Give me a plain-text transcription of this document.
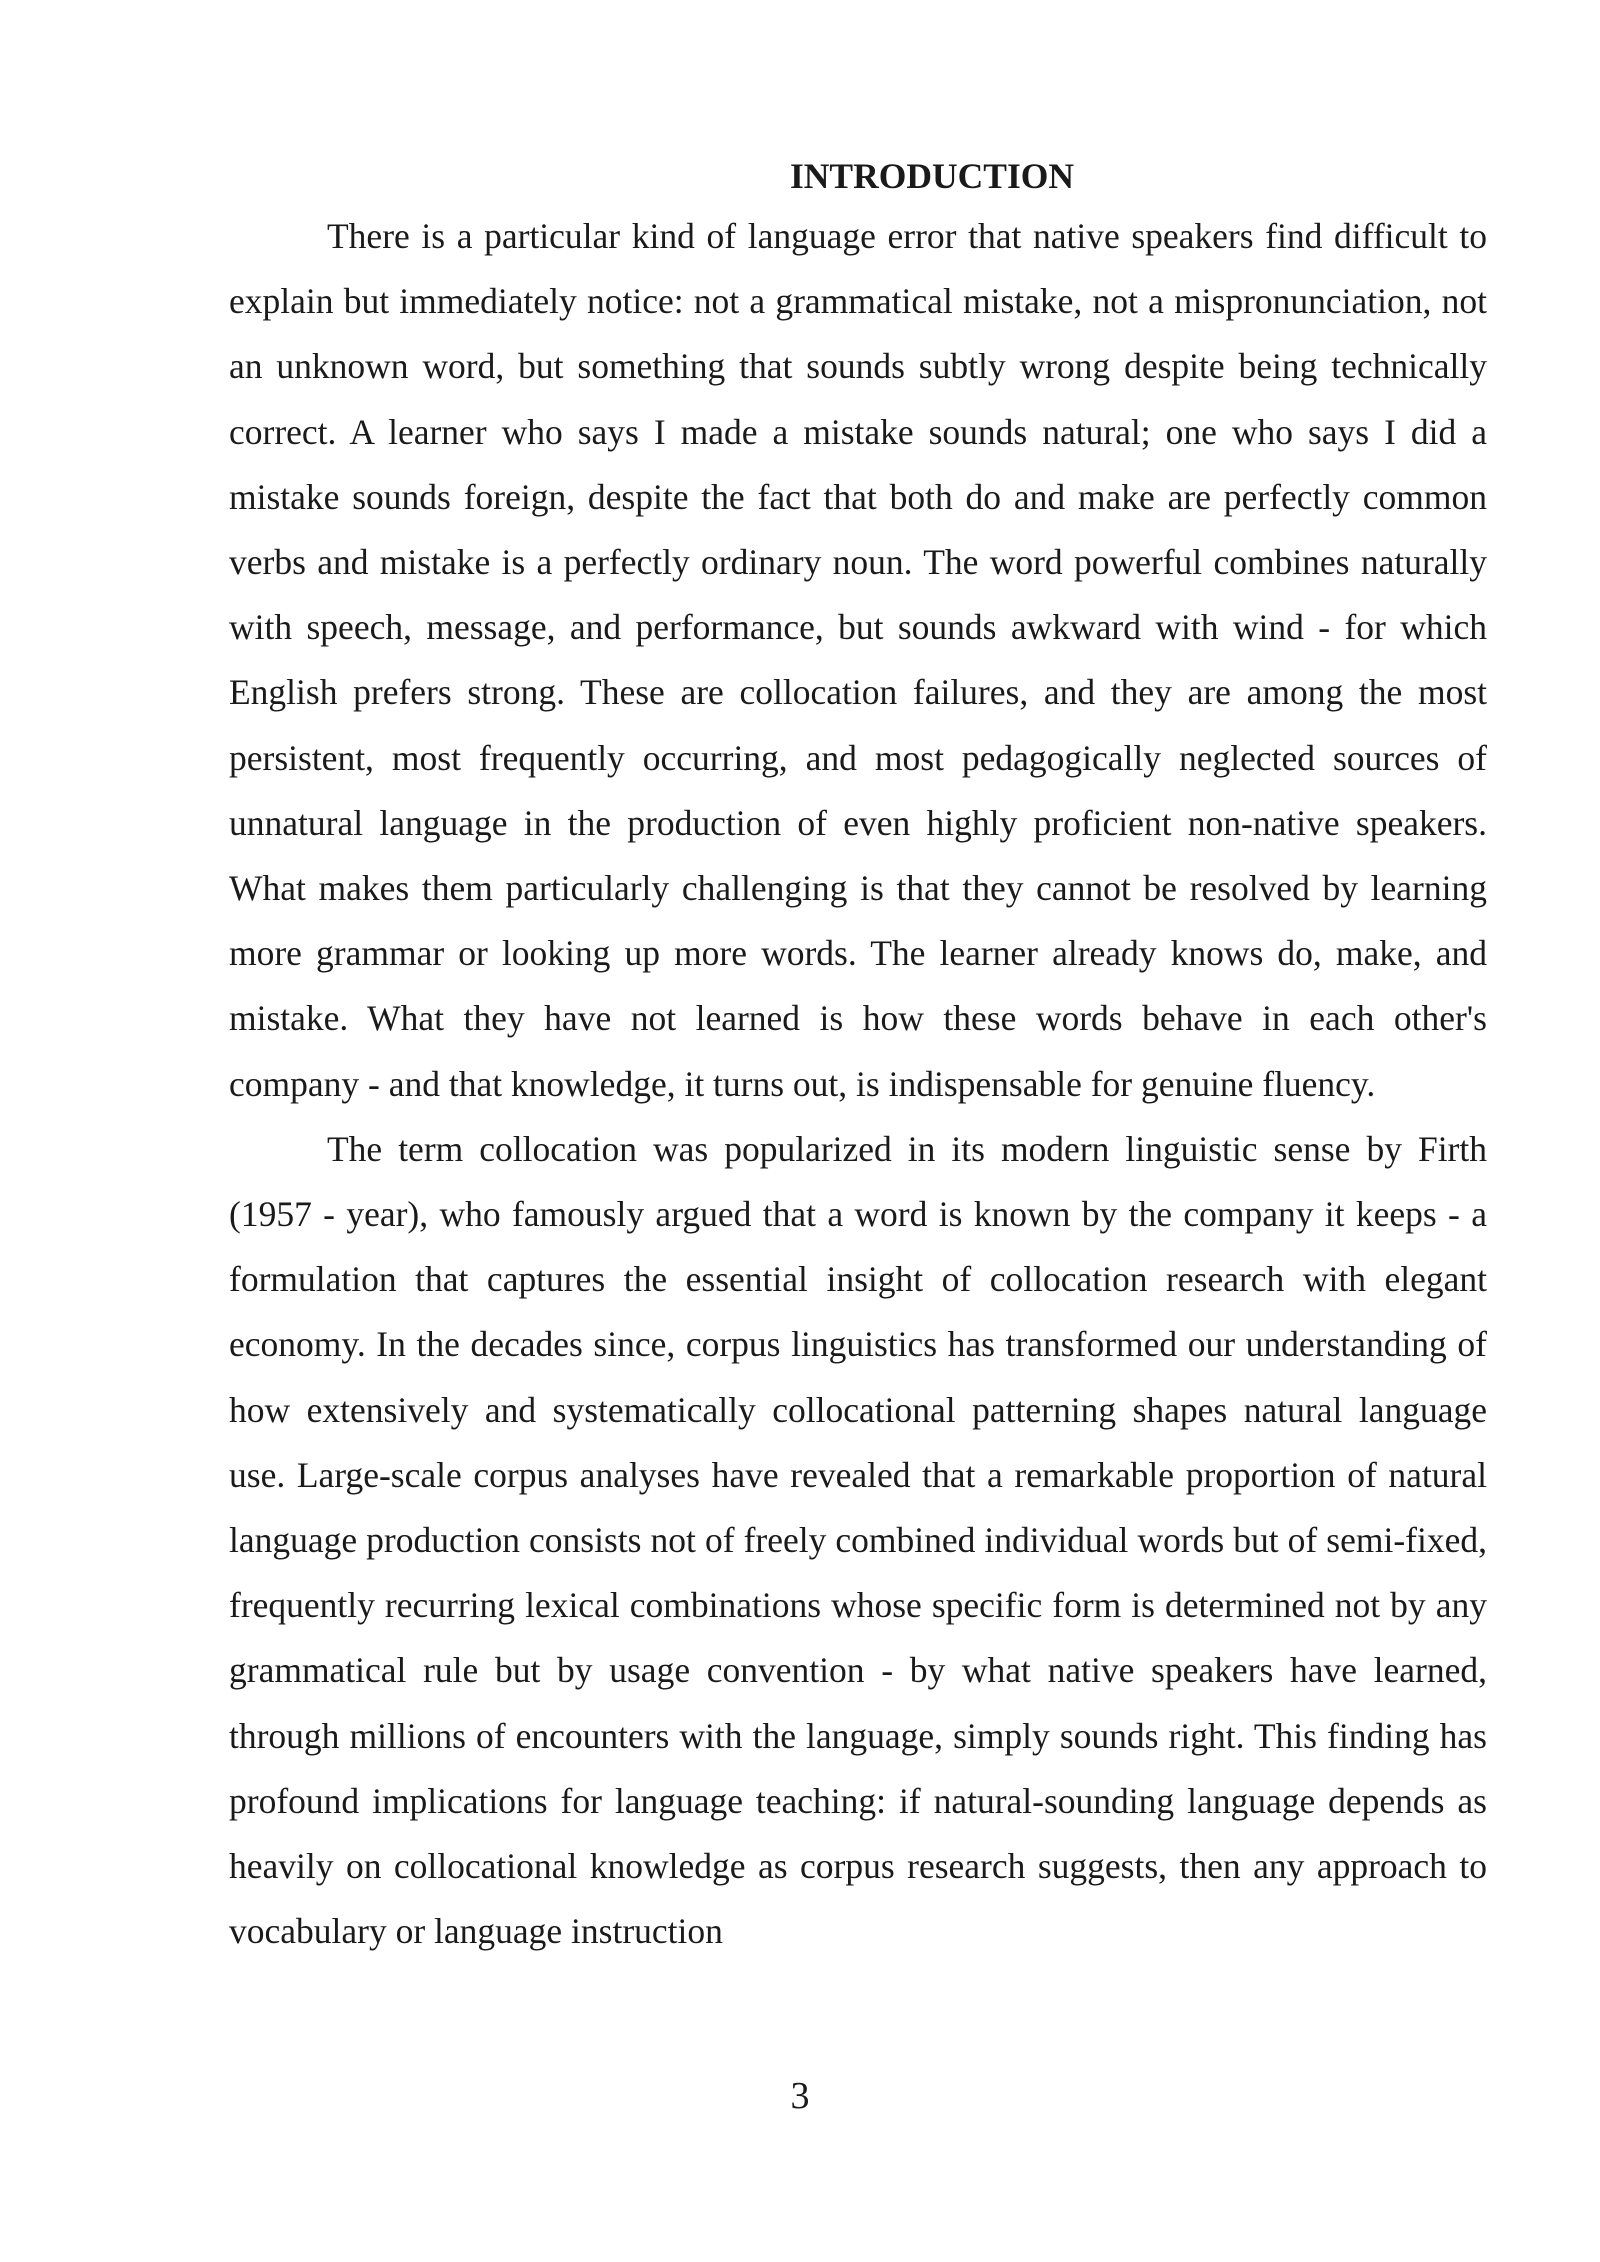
INTRODUCTION

There is a particular kind of language error that native speakers find difficult to explain but immediately notice: not a grammatical mistake, not a mispronunciation, not an unknown word, but something that sounds subtly wrong despite being technically correct. A learner who says I made a mistake sounds natural; one who says I did a mistake sounds foreign, despite the fact that both do and make are perfectly common verbs and mistake is a perfectly ordinary noun. The word powerful combines naturally with speech, message, and performance, but sounds awkward with wind - for which English prefers strong. These are collocation failures, and they are among the most persistent, most frequently occurring, and most pedagogically neglected sources of unnatural language in the production of even highly proficient non-native speakers. What makes them particularly challenging is that they cannot be resolved by learning more grammar or looking up more words. The learner already knows do, make, and mistake. What they have not learned is how these words behave in each other's company - and that knowledge, it turns out, is indispensable for genuine fluency.

The term collocation was popularized in its modern linguistic sense by Firth (1957 - year), who famously argued that a word is known by the company it keeps - a formulation that captures the essential insight of collocation research with elegant economy. In the decades since, corpus linguistics has transformed our understanding of how extensively and systematically collocational patterning shapes natural language use. Large-scale corpus analyses have revealed that a remarkable proportion of natural language production consists not of freely combined individual words but of semi-fixed, frequently recurring lexical combinations whose specific form is determined not by any grammatical rule but by usage convention - by what native speakers have learned, through millions of encounters with the language, simply sounds right. This finding has profound implications for language teaching: if natural-sounding language depends as heavily on collocational knowledge as corpus research suggests, then any approach to vocabulary or language instruction

3
